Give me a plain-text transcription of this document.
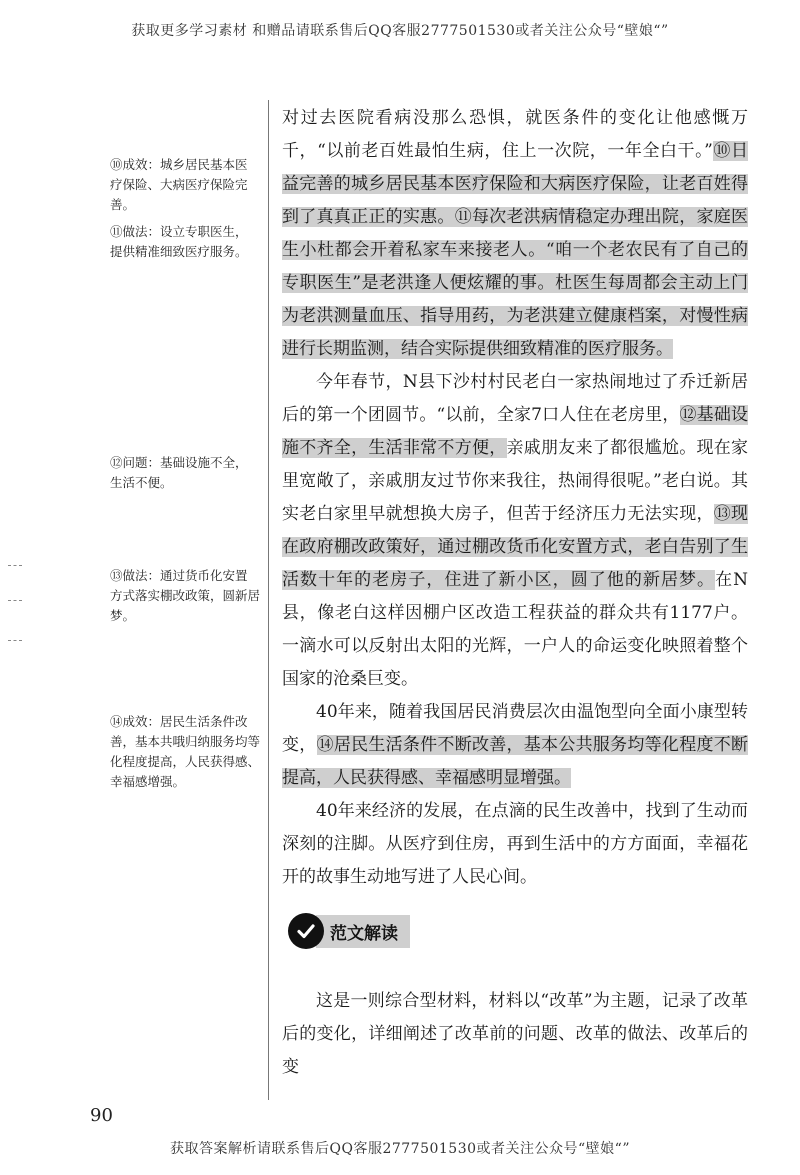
获取更多学习素材 和赠品请联系售后QQ客服2777501530或者关注公众号“壁娘“”
⑩成效：城乡居民基本医疗保险、大病医疗保险完善。
⑪做法：设立专职医生，提供精准细致医疗服务。
⑫问题：基础设施不全，生活不便。
⑬做法：通过货币化安置方式落实棚改政策，圆新居梦。
⑭成效：居民生活条件改善，基本共哦归纳服务均等化程度提高，人民获得感、幸福感增强。

对过去医院看病没那么恐惧，就医条件的变化让他感慨万千，“以前老百姓最怕生病，住上一次院，一年全白干。”⑩日益完善的城乡居民基本医疗保险和大病医疗保险，让老百姓得到了真真正正的实惠。⑪每次老洪病情稳定办理出院，家庭医生小杜都会开着私家车来接老人。“咱一个老农民有了自己的专职医生”是老洪逢人便炫耀的事。杜医生每周都会主动上门为老洪测量血压、指导用药，为老洪建立健康档案，对慢性病进行长期监测，结合实际提供细致精准的医疗服务。

今年春节，N县下沙村村民老白一家热闹地过了乔迁新居后的第一个团圆节。“以前，全家7口人住在老房里，⑫基础设施不齐全，生活非常不方便，亲戚朋友来了都很尴尬。现在家里宽敞了，亲戚朋友过节你来我往，热闹得很呢。”老白说。其实老白家里早就想换大房子，但苦于经济压力无法实现，⑬现在政府棚改政策好，通过棚改货币化安置方式，老白告别了生活数十年的老房子，住进了新小区，圆了他的新居梦。在N县，像老白这样因棚户区改造工程获益的群众共有1177户。一滴水可以反射出太阳的光辉，一户人的命运变化映照着整个国家的沧桑巨变。

40年来，随着我国居民消费层次由温饱型向全面小康型转变，⑭居民生活条件不断改善，基本公共服务均等化程度不断提高，人民获得感、幸福感明显增强。

40年来经济的发展，在点滴的民生改善中，找到了生动而深刻的注脚。从医疗到住房，再到生活中的方方面面，幸福花开的故事生动地写进了人民心间。

范文解读

这是一则综合型材料，材料以“改革”为主题，记录了改革后的变化，详细阐述了改革前的问题、改革的做法、改革后的变

90
获取答案解析请联系售后QQ客服2777501530或者关注公众号“壁娘“”
